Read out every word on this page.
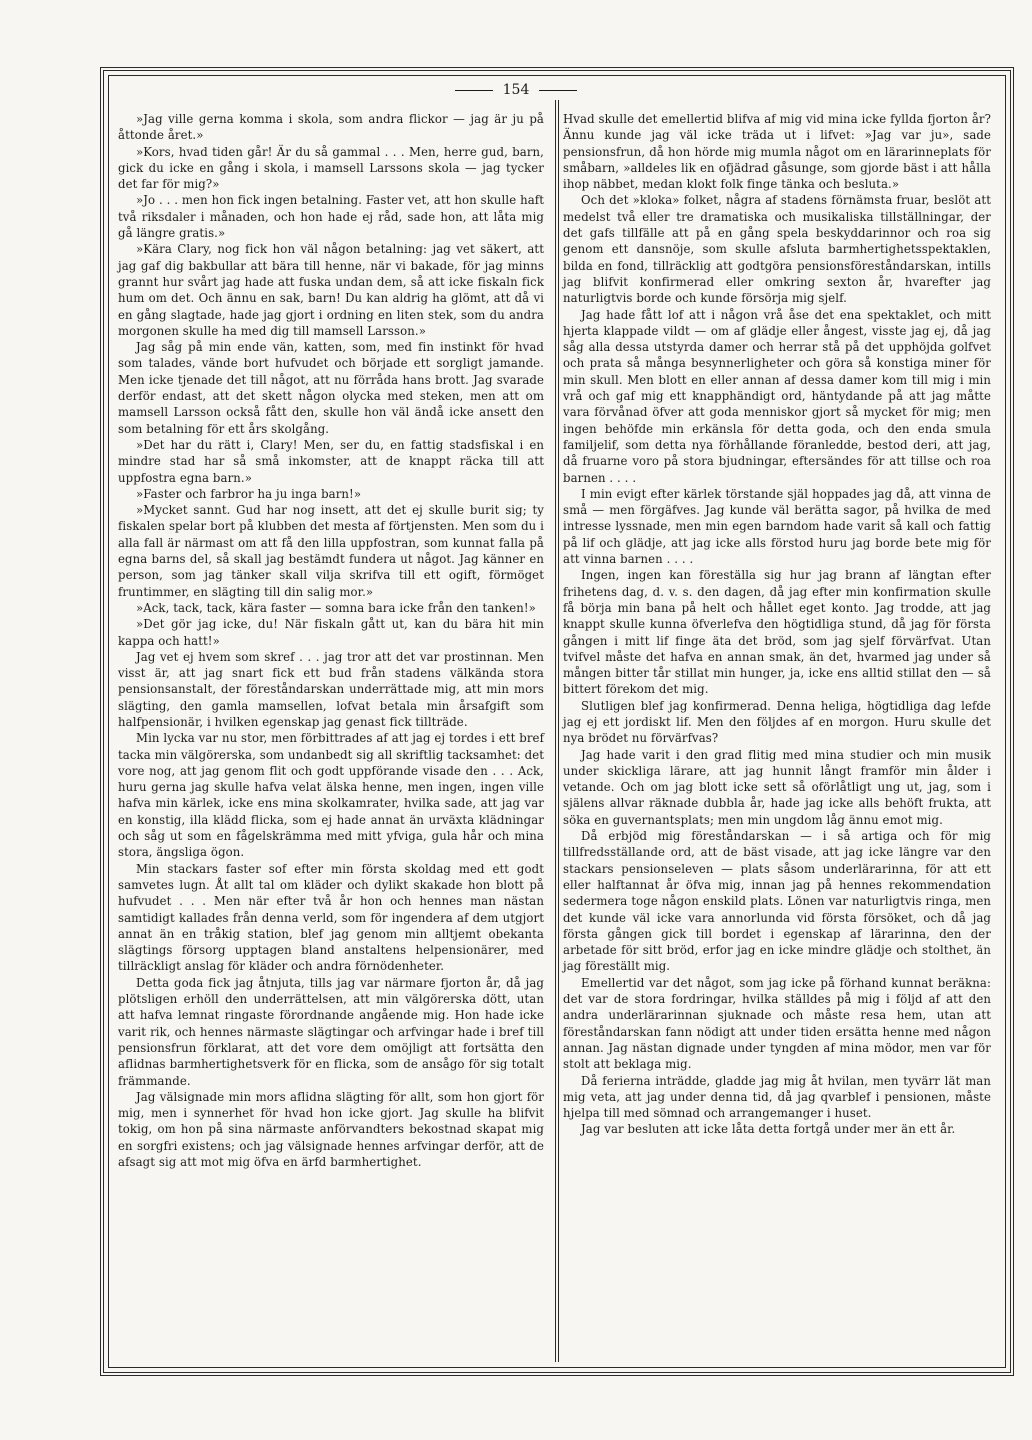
154

»Jag ville gerna komma i skola, som andra flickor — jag är ju på åttonde året.»

»Kors, hvad tiden går! Är du så gammal . . . Men, herre gud, barn, gick du icke en gång i skola, i mamsell Larssons skola — jag tycker det far för mig?»

»Jo . . . men hon fick ingen betalning. Faster vet, att hon skulle haft två riksdaler i månaden, och hon hade ej råd, sade hon, att låta mig gå längre gratis.»

»Kära Clary, nog fick hon väl någon betalning: jag vet säkert, att jag gaf dig bakbullar att bära till henne, när vi bakade, för jag minns grannt hur svårt jag hade att fuska undan dem, så att icke fiskaln fick hum om det. Och ännu en sak, barn! Du kan aldrig ha glömt, att då vi en gång slagtade, hade jag gjort i ordning en liten stek, som du andra morgonen skulle ha med dig till mamsell Larsson.»

Jag såg på min ende vän, katten, som, med fin instinkt för hvad som talades, vände bort hufvudet och började ett sorgligt jamande. Men icke tjenade det till något, att nu förråda hans brott. Jag svarade derför endast, att det skett någon olycka med steken, men att om mamsell Larsson också fått den, skulle hon väl ändå icke ansett den som betalning för ett års skolgång.

»Det har du rätt i, Clary! Men, ser du, en fattig stadsfiskal i en mindre stad har så små inkomster, att de knappt räcka till att uppfostra egna barn.»

»Faster och farbror ha ju inga barn!»

»Mycket sannt. Gud har nog insett, att det ej skulle burit sig; ty fiskalen spelar bort på klubben det mesta af förtjensten. Men som du i alla fall är närmast om att få den lilla uppfostran, som kunnat falla på egna barns del, så skall jag bestämdt fundera ut något. Jag känner en person, som jag tänker skall vilja skrifva till ett ogift, förmöget fruntimmer, en slägting till din salig mor.»

»Ack, tack, tack, kära faster — somna bara icke från den tanken!»

»Det gör jag icke, du! När fiskaln gått ut, kan du bära hit min kappa och hatt!»

Jag vet ej hvem som skref . . . jag tror att det var prostinnan. Men visst är, att jag snart fick ett bud från stadens välkända stora pensionsanstalt, der föreståndarskan underrättade mig, att min mors slägting, den gamla mamsellen, lofvat betala min årsafgift som halfpensionär, i hvilken egenskap jag genast fick tillträde.

Min lycka var nu stor, men förbittrades af att jag ej tordes i ett bref tacka min välgörerska, som undanbedt sig all skriftlig tacksamhet: det vore nog, att jag genom flit och godt uppförande visade den . . . Ack, huru gerna jag skulle hafva velat älska henne, men ingen, ingen ville hafva min kärlek, icke ens mina skolkamrater, hvilka sade, att jag var en konstig, illa klädd flicka, som ej hade annat än urväxta klädningar och såg ut som en fågelskrämma med mitt yfviga, gula hår och mina stora, ängsliga ögon.

Min stackars faster sof efter min första skoldag med ett godt samvetes lugn. Åt allt tal om kläder och dylikt skakade hon blott på hufvudet . . . Men när efter två år hon och hennes man nästan samtidigt kallades från denna verld, som för ingendera af dem utgjort annat än en tråkig station, blef jag genom min alltjemt obekanta slägtings försorg upptagen bland anstaltens helpensionärer, med tillräckligt anslag för kläder och andra förnödenheter.

Detta goda fick jag åtnjuta, tills jag var närmare fjorton år, då jag plötsligen erhöll den underrättelsen, att min välgörerska dött, utan att hafva lemnat ringaste förordnande angående mig. Hon hade icke varit rik, och hennes närmaste slägtingar och arfvingar hade i bref till pensionsfrun förklarat, att det vore dem omöjligt att fortsätta den aflidnas barmhertighetsverk för en flicka, som de ansågo för sig totalt främmande.

Jag välsignade min mors aflidna slägting för allt, som hon gjort för mig, men i synnerhet för hvad hon icke gjort. Jag skulle ha blifvit tokig, om hon på sina närmaste anförvandters bekostnad skapat mig en sorgfri existens; och jag välsignade hennes arfvingar derför, att de afsagt sig att mot mig öfva en ärfd barmhertighet.

Hvad skulle det emellertid blifva af mig vid mina icke fyllda fjorton år? Ännu kunde jag väl icke träda ut i lifvet: »Jag var ju», sade pensionsfrun, då hon hörde mig mumla något om en lärarinneplats för småbarn, »alldeles lik en ofjädrad gåsunge, som gjorde bäst i att hålla ihop näbbet, medan klokt folk finge tänka och besluta.»

Och det »kloka» folket, några af stadens förnämsta fruar, beslöt att medelst två eller tre dramatiska och musikaliska tillställningar, der det gafs tillfälle att på en gång spela beskyddarinnor och roa sig genom ett dansnöje, som skulle afsluta barmhertighetsspektaklen, bilda en fond, tillräcklig att godtgöra pensionsföreståndarskan, intills jag blifvit konfirmerad eller omkring sexton år, hvarefter jag naturligtvis borde och kunde försörja mig sjelf.

Jag hade fått lof att i någon vrå åse det ena spektaklet, och mitt hjerta klappade vildt — om af glädje eller ångest, visste jag ej, då jag såg alla dessa utstyrda damer och herrar stå på det upphöjda golfvet och prata så många besynnerligheter och göra så konstiga miner för min skull. Men blott en eller annan af dessa damer kom till mig i min vrå och gaf mig ett knapphändigt ord, häntydande på att jag måtte vara förvånad öfver att goda menniskor gjort så mycket för mig; men ingen behöfde min erkänsla för detta goda, och den enda smula familjelif, som detta nya förhållande föranledde, bestod deri, att jag, då fruarne voro på stora bjudningar, eftersändes för att tillse och roa barnen . . . .

I min evigt efter kärlek törstande själ hoppades jag då, att vinna de små — men förgäfves. Jag kunde väl berätta sagor, på hvilka de med intresse lyssnade, men min egen barndom hade varit så kall och fattig på lif och glädje, att jag icke alls förstod huru jag borde bete mig för att vinna barnen . . . .

Ingen, ingen kan föreställa sig hur jag brann af längtan efter frihetens dag, d. v. s. den dagen, då jag efter min konfirmation skulle få börja min bana på helt och hållet eget konto. Jag trodde, att jag knappt skulle kunna öfverlefva den högtidliga stund, då jag för första gången i mitt lif finge äta det bröd, som jag sjelf förvärfvat. Utan tvifvel måste det hafva en annan smak, än det, hvarmed jag under så mången bitter tår stillat min hunger, ja, icke ens alltid stillat den — så bittert förekom det mig.

Slutligen blef jag konfirmerad. Denna heliga, högtidliga dag lefde jag ej ett jordiskt lif. Men den följdes af en morgon. Huru skulle det nya brödet nu förvärfvas?

Jag hade varit i den grad flitig med mina studier och min musik under skickliga lärare, att jag hunnit långt framför min ålder i vetande. Och om jag blott icke sett så oförlåtligt ung ut, jag, som i själens allvar räknade dubbla år, hade jag icke alls behöft frukta, att söka en guvernantsplats; men min ungdom låg ännu emot mig.

Då erbjöd mig föreståndarskan — i så artiga och för mig tillfredsställande ord, att de bäst visade, att jag icke längre var den stackars pensionseleven — plats såsom underlärarinna, för att ett eller halftannat år öfva mig, innan jag på hennes rekommendation sedermera toge någon enskild plats. Lönen var naturligtvis ringa, men det kunde väl icke vara annorlunda vid första försöket, och då jag första gången gick till bordet i egenskap af lärarinna, den der arbetade för sitt bröd, erfor jag en icke mindre glädje och stolthet, än jag föreställt mig.

Emellertid var det något, som jag icke på förhand kunnat beräkna: det var de stora fordringar, hvilka ställdes på mig i följd af att den andra underlärarinnan sjuknade och måste resa hem, utan att föreståndarskan fann nödigt att under tiden ersätta henne med någon annan. Jag nästan dignade under tyngden af mina mödor, men var för stolt att beklaga mig.

Då ferierna inträdde, gladde jag mig åt hvilan, men tyvärr lät man mig veta, att jag under denna tid, då jag qvarblef i pensionen, måste hjelpa till med sömnad och arrangemanger i huset.

Jag var besluten att icke låta detta fortgå under mer än ett år.
